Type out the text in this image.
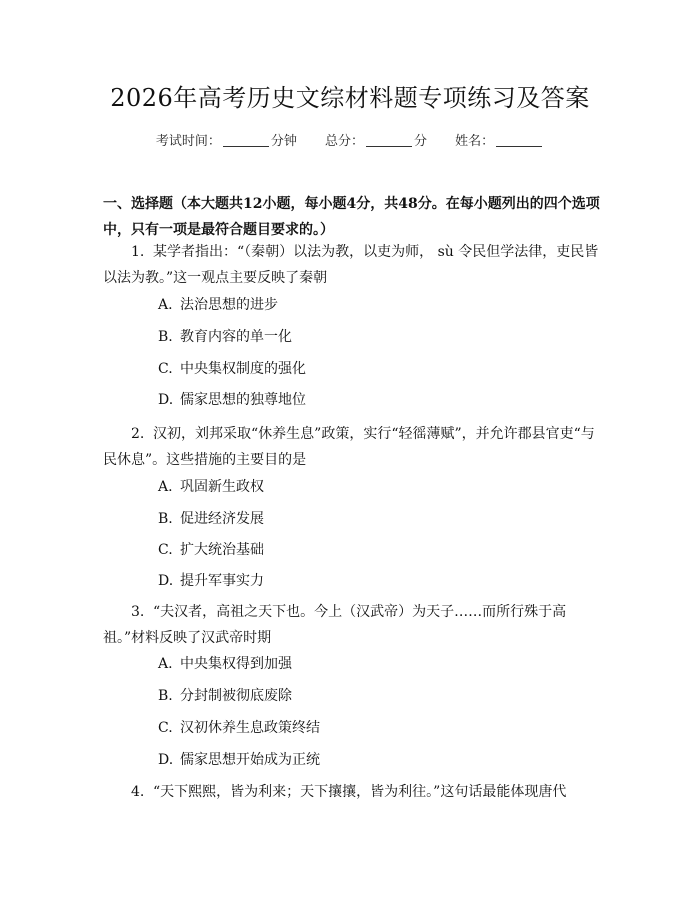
2026年高考历史文综材料题专项练习及答案
考试时间：	分钟 总分：	分 姓名：
一、选择题（本大题共12小题，每小题4分，共48分。在每小题列出的四个选项中，只有一项是最符合题目要求的。）
1. 某学者指出：“（秦朝）以法为教，以吏为师， sù 令民但学法律，吏民皆以法为教。”这一观点主要反映了秦朝
A. 法治思想的进步
B. 教育内容的单一化
C. 中央集权制度的强化
D. 儒家思想的独尊地位
2. 汉初，刘邦采取“休养生息”政策，实行“轻徭薄赋”，并允许郡县官吏“与民休息”。这些措施的主要目的是
A. 巩固新生政权
B. 促进经济发展
C. 扩大统治基础
D. 提升军事实力
3. “夫汉者，高祖之天下也。今上（汉武帝）为天子……而所行殊于高祖。”材料反映了汉武帝时期
A. 中央集权得到加强
B. 分封制被彻底废除
C. 汉初休养生息政策终结
D. 儒家思想开始成为正统
4. “天下熙熙，皆为利来；天下攘攘，皆为利往。”这句话最能体现唐代
